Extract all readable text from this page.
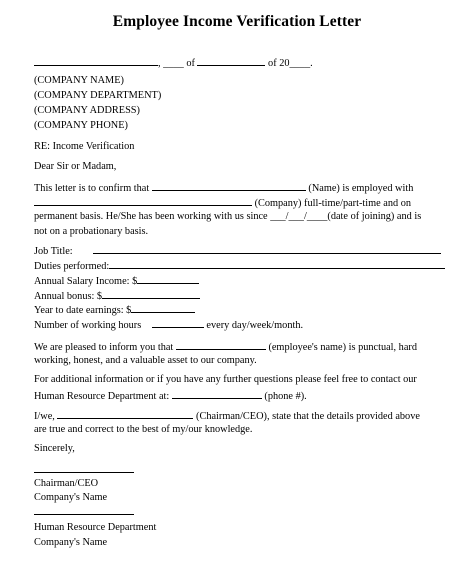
Employee Income Verification Letter
, ____ of	of 20____.
(COMPANY NAME)
(COMPANY DEPARTMENT)
(COMPANY ADDRESS)
(COMPANY PHONE)
RE: Income Verification
Dear Sir or Madam,
This letter is to confirm that	(Name) is employed with
(Company) full-time/part-time and on
permanent basis. He/She has been working with us since ___/___/____(date of joining) and is
not on a probationary basis.
Job Title:
Duties performed:
Annual Salary Income: $
Annual bonus: $
Year to date earnings: $
Number of working hours	every day/week/month.
We are pleased to inform you that	(employee's name) is punctual, hard
working, honest, and a valuable asset to our company.
For additional information or if you have any further questions please feel free to contact our
Human Resource Department at:	(phone #).
I/we,	(Chairman/CEO), state that the details provided above
are true and correct to the best of my/our knowledge.
Sincerely,
Chairman/CEO
Company's Name
Human Resource Department
Company's Name
